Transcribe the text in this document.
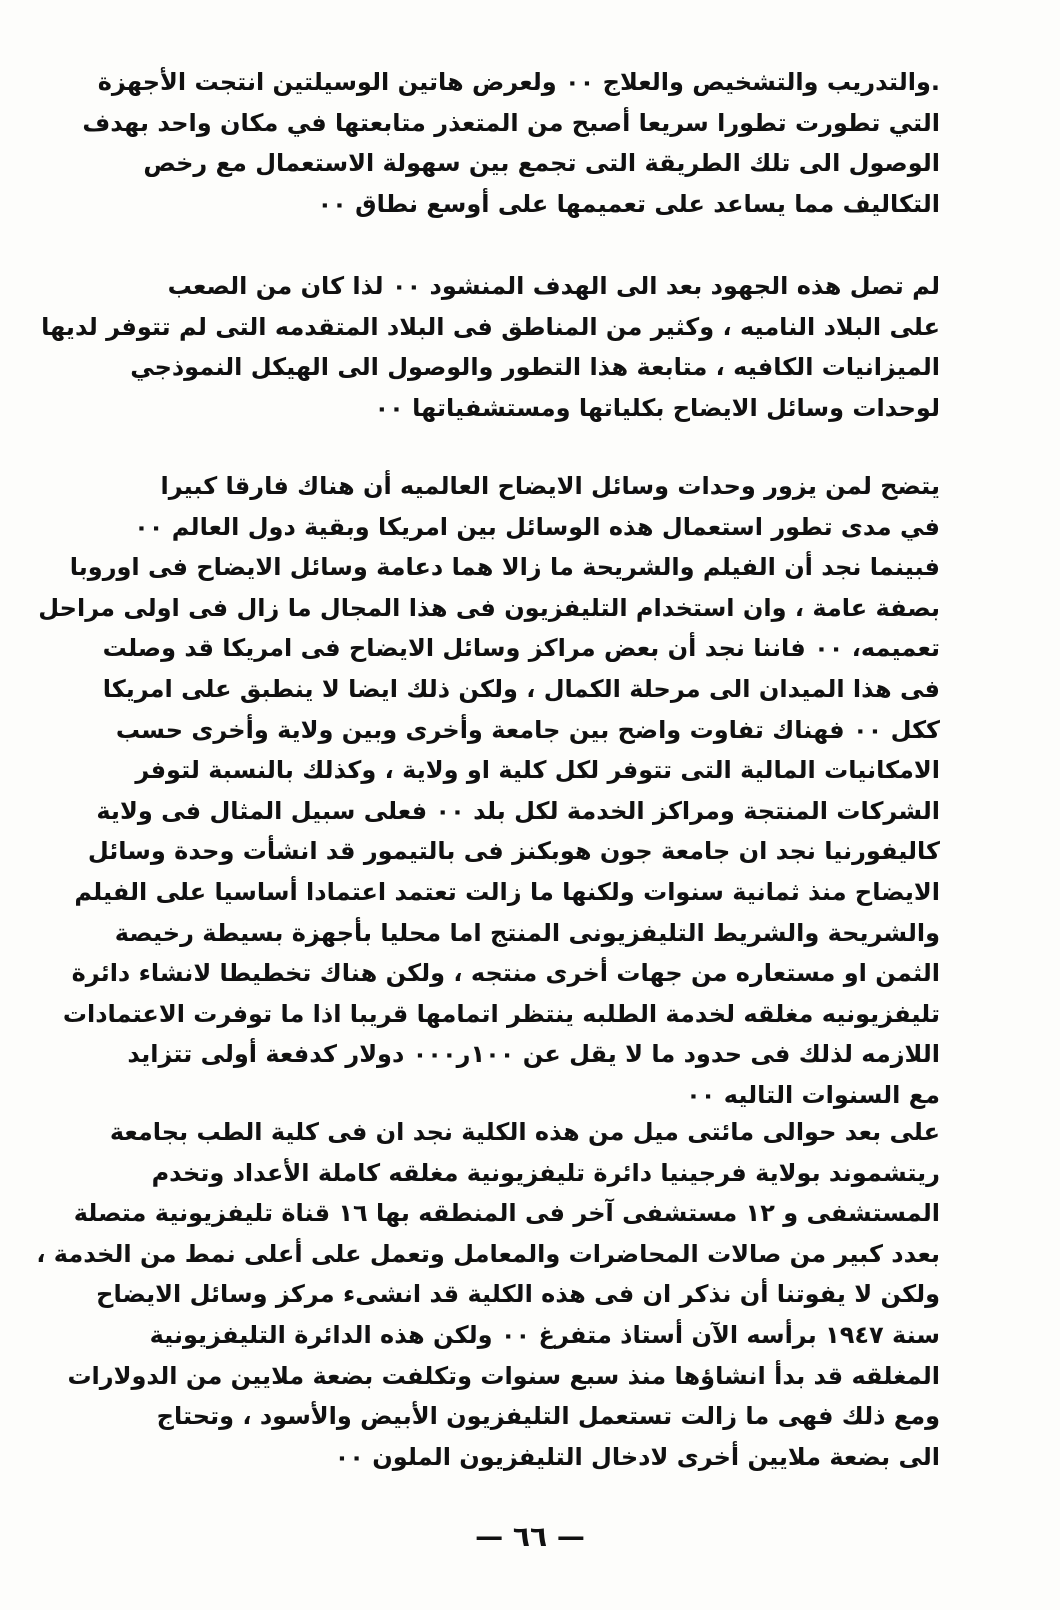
.والتدريب والتشخيص والعلاج ٠٠ ولعرض هاتين الوسيلتين انتجت الأجهزة
التي تطورت تطورا سريعا أصبح من المتعذر متابعتها في مكان واحد بهدف
الوصول الى تلك الطريقة التى تجمع بين سهولة الاستعمال مع رخص
التكاليف مما يساعد على تعميمها على أوسع نطاق ٠٠
لم تصل هذه الجهود بعد الى الهدف المنشود ٠٠ لذا كان من الصعب
على البلاد الناميه ، وكثير من المناطق فى البلاد المتقدمه التى لم تتوفر لديها
الميزانيات الكافيه ، متابعة هذا التطور والوصول الى الهيكل النموذجي
لوحدات وسائل الايضاح بكلياتها ومستشفياتها ٠٠
يتضح لمن يزور وحدات وسائل الايضاح العالميه أن هناك فارقا كبيرا
في مدى تطور استعمال هذه الوسائل بين امريكا وبقية دول العالم ٠٠
فبينما نجد أن الفيلم والشريحة ما زالا هما دعامة وسائل الايضاح فى اوروبا
بصفة عامة ، وان استخدام التليفزيون فى هذا المجال ما زال فى اولى مراحل
تعميمه، ٠٠ فاننا نجد أن بعض مراكز وسائل الايضاح فى امريكا قد وصلت
فى هذا الميدان الى مرحلة الكمال ، ولكن ذلك ايضا لا ينطبق على امريكا
ككل ٠٠ فهناك تفاوت واضح بين جامعة وأخرى وبين ولاية وأخرى حسب
الامكانيات المالية التى تتوفر لكل كلية او ولاية ، وكذلك بالنسبة لتوفر
الشركات المنتجة ومراكز الخدمة لكل بلد ٠٠ فعلى سبيل المثال فى ولاية
كاليفورنيا نجد ان جامعة جون هوبكنز فى بالتيمور قد انشأت وحدة وسائل
الايضاح منذ ثمانية سنوات ولكنها ما زالت تعتمد اعتمادا أساسيا على الفيلم
والشريحة والشريط التليفزيونى المنتج اما محليا بأجهزة بسيطة رخيصة
الثمن او مستعاره من جهات أخرى منتجه ، ولكن هناك تخطيطا لانشاء دائرة
تليفزيونيه مغلقه لخدمة الطلبه ينتظر اتمامها قريبا اذا ما توفرت الاعتمادات
اللازمه لذلك فى حدود ما لا يقل عن ١٠٠ر٠٠٠ دولار كدفعة أولى تتزايد
مع السنوات التاليه ٠٠
على بعد حوالى مائتى ميل من هذه الكلية نجد ان فى كلية الطب بجامعة
ريتشموند بولاية فرجينيا دائرة تليفزيونية مغلقه كاملة الأعداد وتخدم
المستشفى و ١٢ مستشفى آخر فى المنطقه بها ١٦ قناة تليفزيونية متصلة
بعدد كبير من صالات المحاضرات والمعامل وتعمل على أعلى نمط من الخدمة ،
ولكن لا يفوتنا أن نذكر ان فى هذه الكلية قد انشىء مركز وسائل الايضاح
سنة ١٩٤٧ برأسه الآن أستاذ متفرغ ٠٠ ولكن هذه الدائرة التليفزيونية
المغلقه قد بدأ انشاؤها منذ سبع سنوات وتكلفت بضعة ملايين من الدولارات
ومع ذلك فهى ما زالت تستعمل التليفزيون الأبيض والأسود ، وتحتاج
الى بضعة ملايين أخرى لادخال التليفزيون الملون ٠٠
— ٦٦ —
